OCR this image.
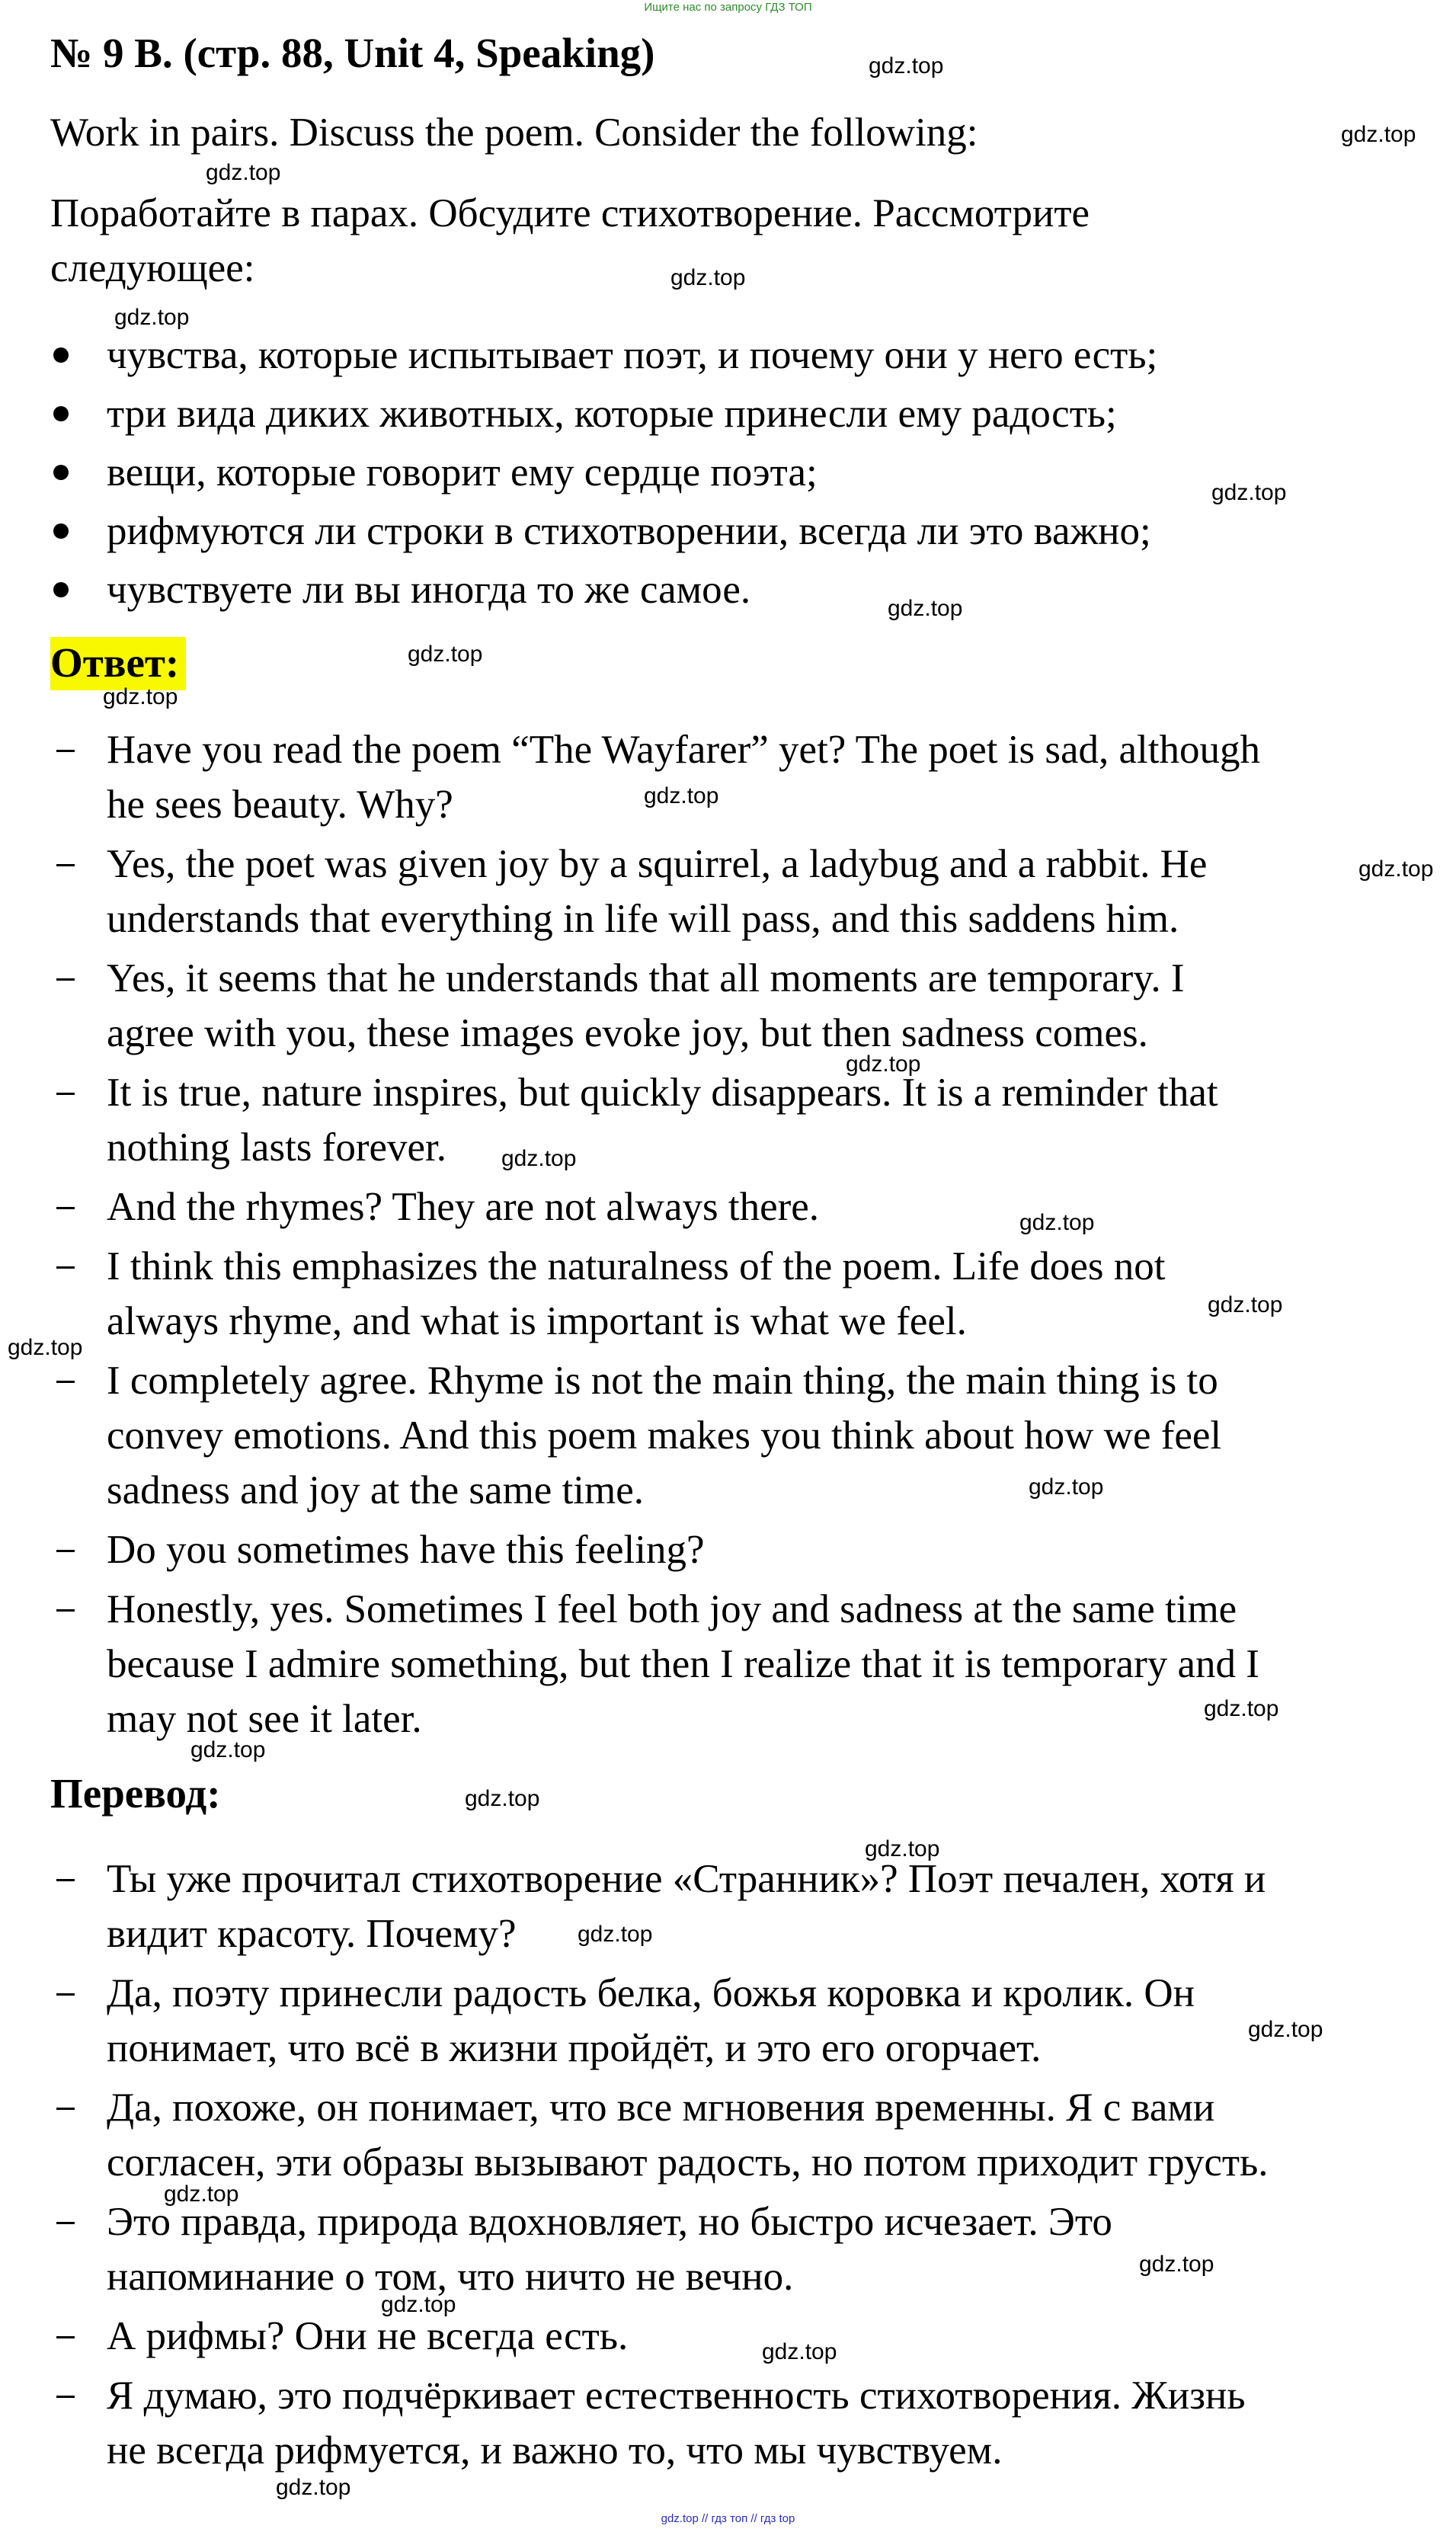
Ищите нас по запросу ГДЗ ТОП
№ 9 B. (стр. 88, Unit 4, Speaking)
Work in pairs. Discuss the poem. Consider the following:
Поработайте в парах. Обсудите стихотворение. Рассмотрите
следующее:
чувства, которые испытывает поэт, и почему они у него есть;
три вида диких животных, которые принесли ему радость;
вещи, которые говорит ему сердце поэта;
рифмуются ли строки в стихотворении, всегда ли это важно;
чувствуете ли вы иногда то же самое.
Ответ:
Have you read the poem “The Wayfarer” yet? The poet is sad, although
he sees beauty. Why?
Yes, the poet was given joy by a squirrel, a ladybug and a rabbit. He
understands that everything in life will pass, and this saddens him.
Yes, it seems that he understands that all moments are temporary. I
agree with you, these images evoke joy, but then sadness comes.
It is true, nature inspires, but quickly disappears. It is a reminder that
nothing lasts forever.
And the rhymes? They are not always there.
I think this emphasizes the naturalness of the poem. Life does not
always rhyme, and what is important is what we feel.
I completely agree. Rhyme is not the main thing, the main thing is to
convey emotions. And this poem makes you think about how we feel
sadness and joy at the same time.
Do you sometimes have this feeling?
Honestly, yes. Sometimes I feel both joy and sadness at the same time
because I admire something, but then I realize that it is temporary and I
may not see it later.
Перевод:
Ты уже прочитал стихотворение «Странник»? Поэт печален, хотя и
видит красоту. Почему?
Да, поэту принесли радость белка, божья коровка и кролик. Он
понимает, что всё в жизни пройдёт, и это его огорчает.
Да, похоже, он понимает, что все мгновения временны. Я с вами
согласен, эти образы вызывают радость, но потом приходит грусть.
Это правда, природа вдохновляет, но быстро исчезает. Это
напоминание о том, что ничто не вечно.
А рифмы? Они не всегда есть.
Я думаю, это подчёркивает естественность стихотворения. Жизнь
не всегда рифмуется, и важно то, что мы чувствуем.
gdz.top
gdz.top
gdz.top
gdz.top
gdz.top
gdz.top
gdz.top
gdz.top
gdz.top
gdz.top
gdz.top
gdz.top
gdz.top
gdz.top
gdz.top
gdz.top
gdz.top
gdz.top
gdz.top
gdz.top
gdz.top
gdz.top
gdz.top
gdz.top
gdz.top
gdz.top
gdz.top
gdz.top
gdz.top // гдз топ // гдз top
